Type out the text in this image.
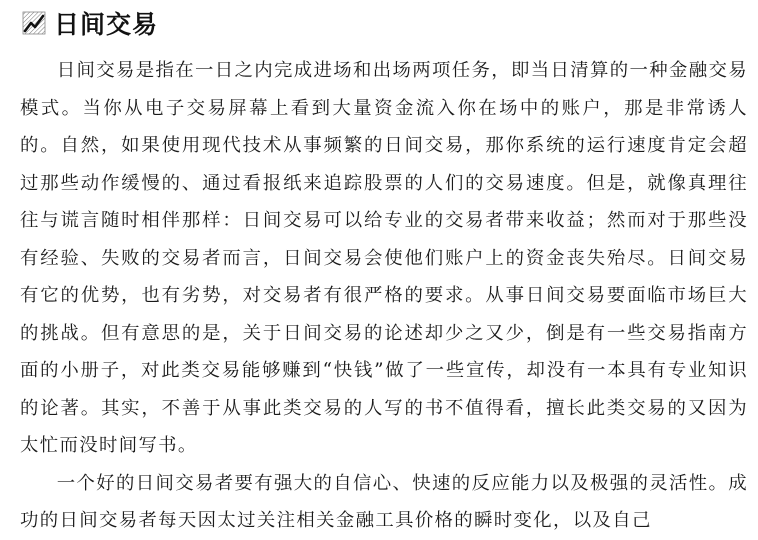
日间交易

日间交易是指在一日之内完成进场和出场两项任务，即当日清算的一种金融交易模式。当你从电子交易屏幕上看到大量资金流入你在场中的账户，那是非常诱人的。自然，如果使用现代技术从事频繁的日间交易，那你系统的运行速度肯定会超过那些动作缓慢的、通过看报纸来追踪股票的人们的交易速度。但是，就像真理往往与谎言随时相伴那样：日间交易可以给专业的交易者带来收益；然而对于那些没有经验、失败的交易者而言，日间交易会使他们账户上的资金丧失殆尽。日间交易有它的优势，也有劣势，对交易者有很严格的要求。从事日间交易要面临市场巨大的挑战。但有意思的是，关于日间交易的论述却少之又少，倒是有一些交易指南方面的小册子，对此类交易能够赚到“快钱”做了一些宣传，却没有一本具有专业知识的论著。其实，不善于从事此类交易的人写的书不值得看，擅长此类交易的又因为太忙而没时间写书。

一个好的日间交易者要有强大的自信心、快速的反应能力以及极强的灵活性。成功的日间交易者每天因太过关注相关金融工具价格的瞬时变化，以及自己
